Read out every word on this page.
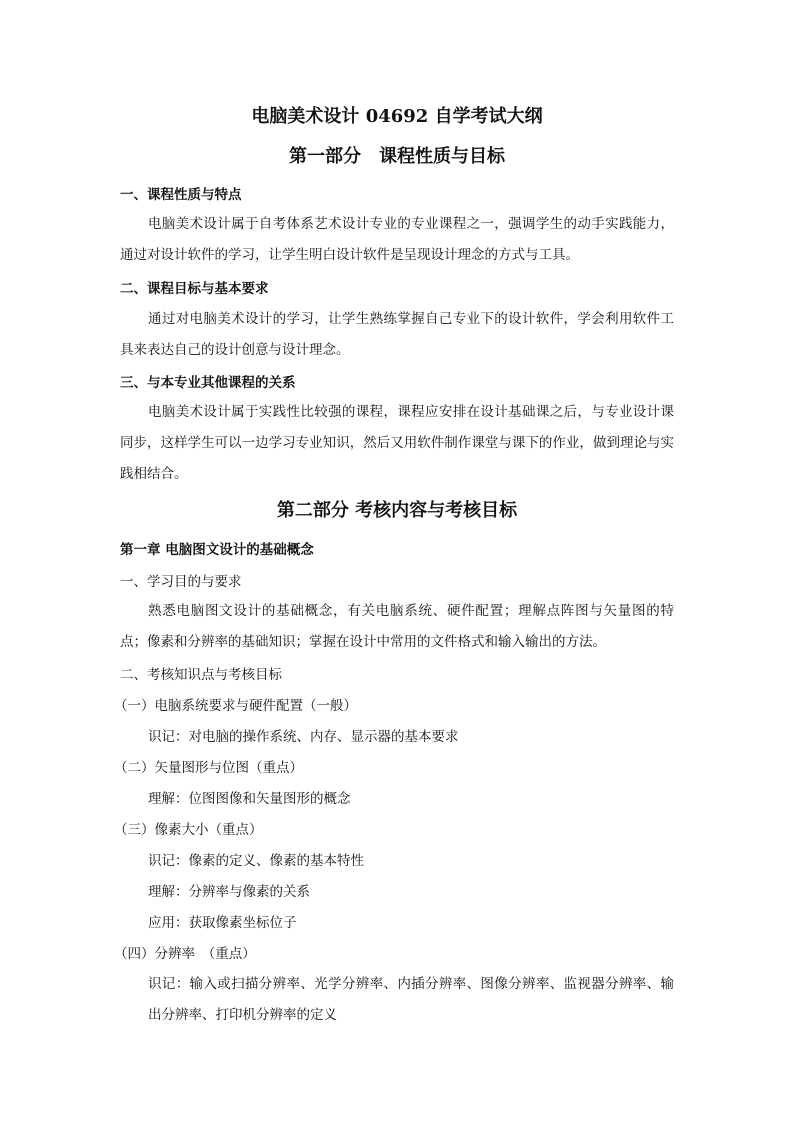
电脑美术设计 04692 自学考试大纲
第一部分　课程性质与目标
一、课程性质与特点
电脑美术设计属于自考体系艺术设计专业的专业课程之一，强调学生的动手实践能力，通过对设计软件的学习，让学生明白设计软件是呈现设计理念的方式与工具。
二、课程目标与基本要求
通过对电脑美术设计的学习，让学生熟练掌握自己专业下的设计软件，学会利用软件工具来表达自己的设计创意与设计理念。
三、与本专业其他课程的关系
电脑美术设计属于实践性比较强的课程，课程应安排在设计基础课之后，与专业设计课同步，这样学生可以一边学习专业知识，然后又用软件制作课堂与课下的作业，做到理论与实践相结合。
第二部分 考核内容与考核目标
第一章 电脑图文设计的基础概念
一、学习目的与要求
熟悉电脑图文设计的基础概念，有关电脑系统、硬件配置；理解点阵图与矢量图的特点；像素和分辨率的基础知识；掌握在设计中常用的文件格式和输入输出的方法。
二、考核知识点与考核目标
（一）电脑系统要求与硬件配置（一般）
识记：对电脑的操作系统、内存、显示器的基本要求
（二）矢量图形与位图（重点）
理解：位图图像和矢量图形的概念
（三）像素大小（重点）
识记：像素的定义、像素的基本特性
理解：分辨率与像素的关系
应用：获取像素坐标位子
（四）分辨率　（重点）
识记：输入或扫描分辨率、光学分辨率、内插分辨率、图像分辨率、监视器分辨率、输出分辨率、打印机分辨率的定义
